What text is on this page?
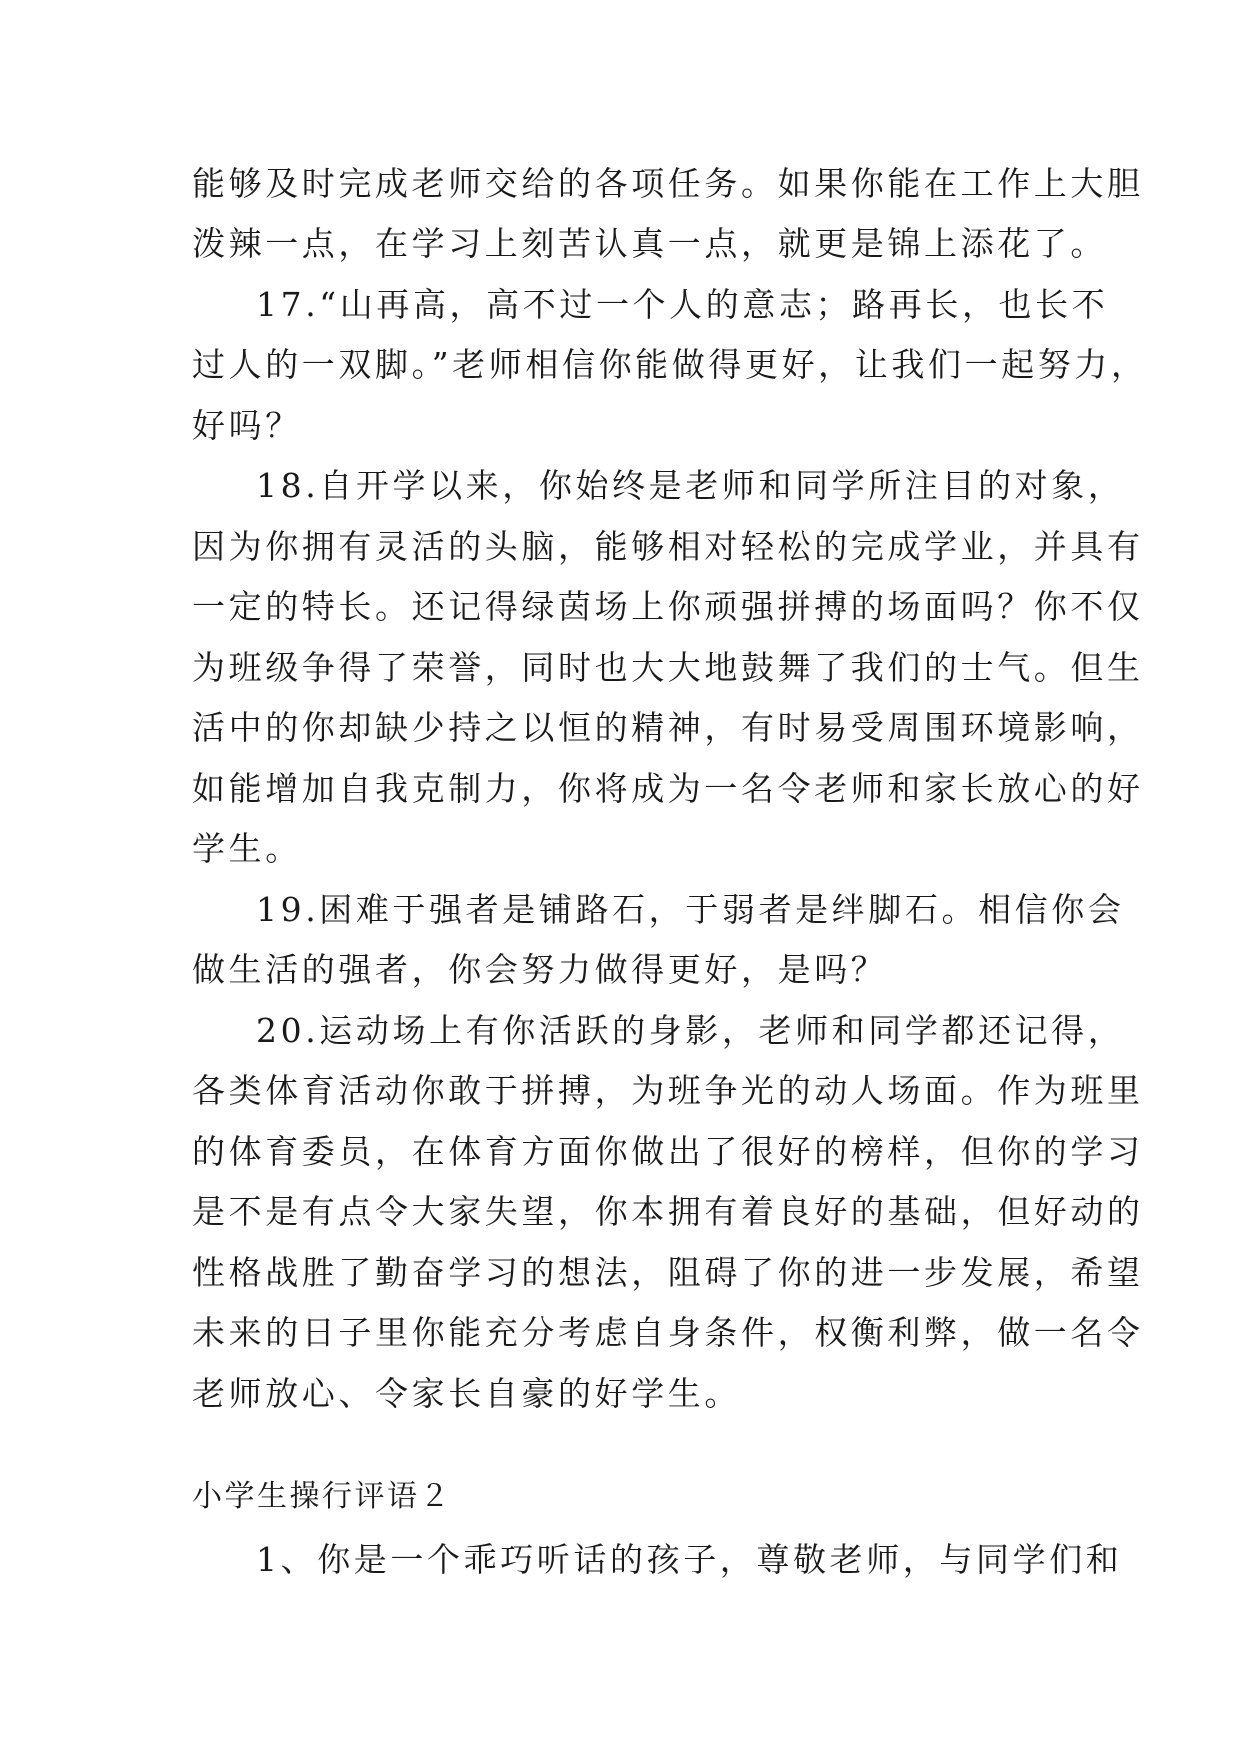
能够及时完成老师交给的各项任务。如果你能在工作上大胆
泼辣一点，在学习上刻苦认真一点，就更是锦上添花了。
17.“山再高，高不过一个人的意志；路再长，也长不
过人的一双脚。”老师相信你能做得更好，让我们一起努力，
好吗？
18.自开学以来，你始终是老师和同学所注目的对象，
因为你拥有灵活的头脑，能够相对轻松的完成学业，并具有
一定的特长。还记得绿茵场上你顽强拼搏的场面吗？你不仅
为班级争得了荣誉，同时也大大地鼓舞了我们的士气。但生
活中的你却缺少持之以恒的精神，有时易受周围环境影响，
如能增加自我克制力，你将成为一名令老师和家长放心的好
学生。
19.困难于强者是铺路石，于弱者是绊脚石。相信你会
做生活的强者，你会努力做得更好，是吗？
20.运动场上有你活跃的身影，老师和同学都还记得，
各类体育活动你敢于拼搏，为班争光的动人场面。作为班里
的体育委员，在体育方面你做出了很好的榜样，但你的学习
是不是有点令大家失望，你本拥有着良好的基础，但好动的
性格战胜了勤奋学习的想法，阻碍了你的进一步发展，希望
未来的日子里你能充分考虑自身条件，权衡利弊，做一名令
老师放心、令家长自豪的好学生。
小学生操行评语２
1、你是一个乖巧听话的孩子，尊敬老师，与同学们和
